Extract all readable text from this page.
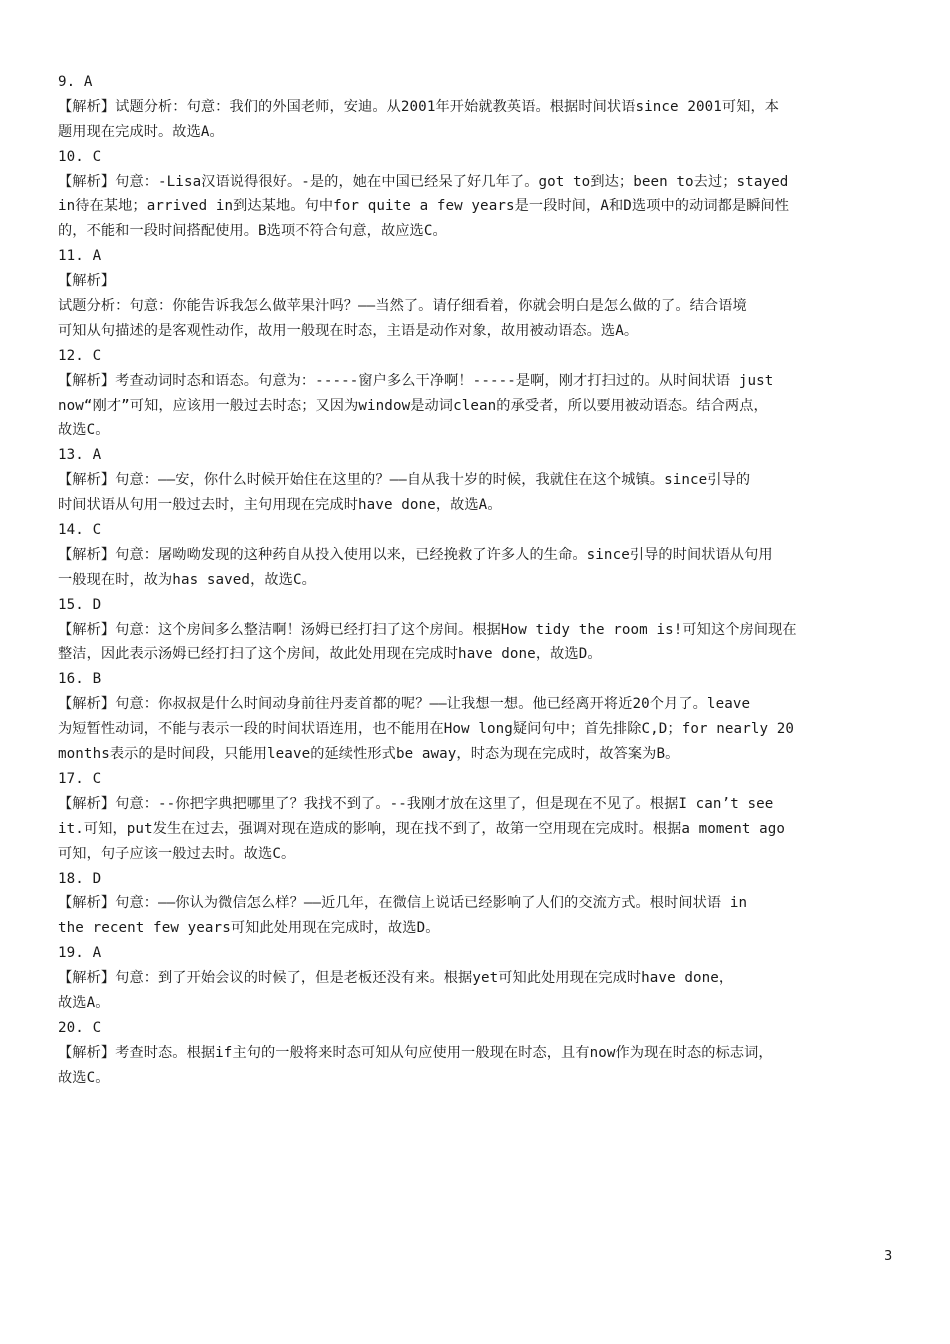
9. A
【解析】试题分析：句意：我们的外国老师，安迪。从2001年开始就教英语。根据时间状语since 2001可知，本
题用现在完成时。故选A。
10. C
【解析】句意：-Lisa汉语说得很好。-是的，她在中国已经呆了好几年了。got to到达；been to去过；stayed
in待在某地；arrived in到达某地。句中for quite a few years是一段时间，A和D选项中的动词都是瞬间性
的，不能和一段时间搭配使用。B选项不符合句意，故应选C。
11. A
【解析】
试题分析：句意：你能告诉我怎么做苹果汁吗？——当然了。请仔细看着，你就会明白是怎么做的了。结合语境
可知从句描述的是客观性动作，故用一般现在时态，主语是动作对象，故用被动语态。选A。
12. C
【解析】考查动词时态和语态。句意为：-----窗户多么干净啊！-----是啊，刚才打扫过的。从时间状语 just
now“刚才”可知，应该用一般过去时态；又因为window是动词clean的承受者，所以要用被动语态。结合两点，
故选C。
13. A
【解析】句意：——安，你什么时候开始住在这里的？——自从我十岁的时候，我就住在这个城镇。since引导的
时间状语从句用一般过去时，主句用现在完成时have done，故选A。
14. C
【解析】句意：屠呦呦发现的这种药自从投入使用以来，已经挽救了许多人的生命。since引导的时间状语从句用
一般现在时，故为has saved，故选C。
15. D
【解析】句意：这个房间多么整洁啊！汤姆已经打扫了这个房间。根据How tidy the room is!可知这个房间现在
整洁，因此表示汤姆已经打扫了这个房间，故此处用现在完成时have done，故选D。
16. B
【解析】句意：你叔叔是什么时间动身前往丹麦首都的呢？——让我想一想。他已经离开将近20个月了。leave
为短暂性动词，不能与表示一段的时间状语连用，也不能用在How long疑问句中；首先排除C,D；for nearly 20
months表示的是时间段，只能用leave的延续性形式be away，时态为现在完成时，故答案为B。
17. C
【解析】句意：--你把字典把哪里了？我找不到了。--我刚才放在这里了，但是现在不见了。根据I can’t see
it.可知，put发生在过去，强调对现在造成的影响，现在找不到了，故第一空用现在完成时。根据a moment ago
可知，句子应该一般过去时。故选C。
18. D
【解析】句意：——你认为微信怎么样？——近几年，在微信上说话已经影响了人们的交流方式。根时间状语 in
the recent few years可知此处用现在完成时，故选D。
19. A
【解析】句意：到了开始会议的时候了，但是老板还没有来。根据yet可知此处用现在完成时have done，
故选A。
20. C
【解析】考查时态。根据if主句的一般将来时态可知从句应使用一般现在时态，且有now作为现在时态的标志词，
故选C。
3
